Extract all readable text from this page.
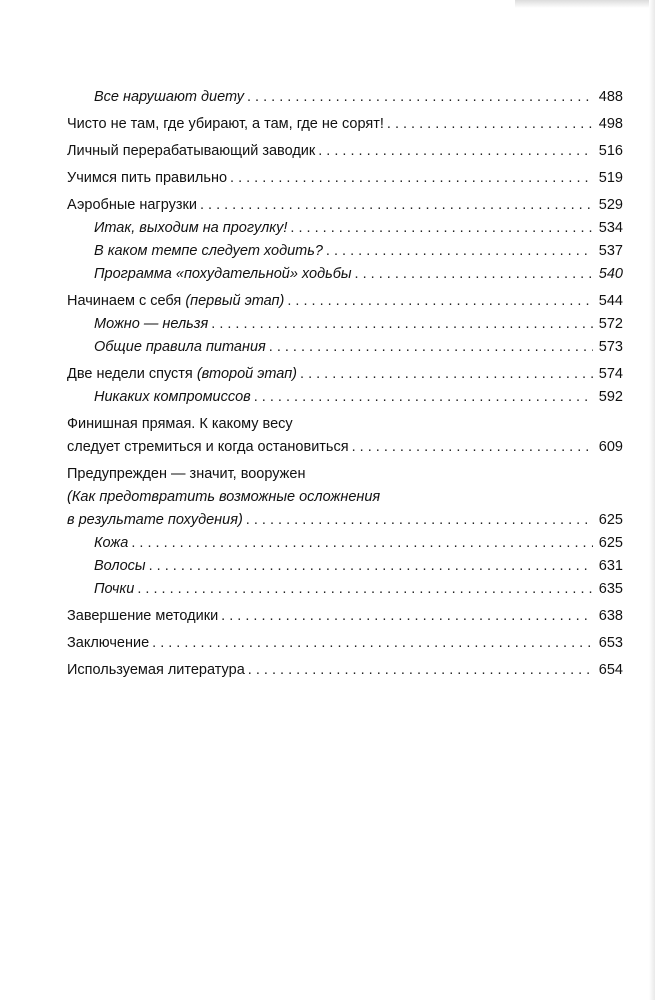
Все нарушают диету . . .	488
Чисто не там, где убирают, а там, где не сорят! . . .	498
Личный перерабатывающий заводик . . .	516
Учимся пить правильно . . .	519
Аэробные нагрузки . . .	529
Итак, выходим на прогулку! . . .	534
В каком темпе следует ходить? . . .	537
Программа «похудательной» ходьбы . . .	540
Начинаем с себя (первый этап) . . .	544
Можно — нельзя . . .	572
Общие правила питания . . .	573
Две недели спустя (второй этап) . . .	574
Никаких компромиссов . . .	592
Финишная прямая. К какому весу
следует стремиться и когда остановиться . . .	609
Предупрежден — значит, вооружен
(Как предотвратить возможные осложнения
в результате похудения) . . .	625
Кожа . . .	625
Волосы . . .	631
Почки . . .	635
Завершение методики . . .	638
Заключение . . .	653
Используемая литература . . .	654
